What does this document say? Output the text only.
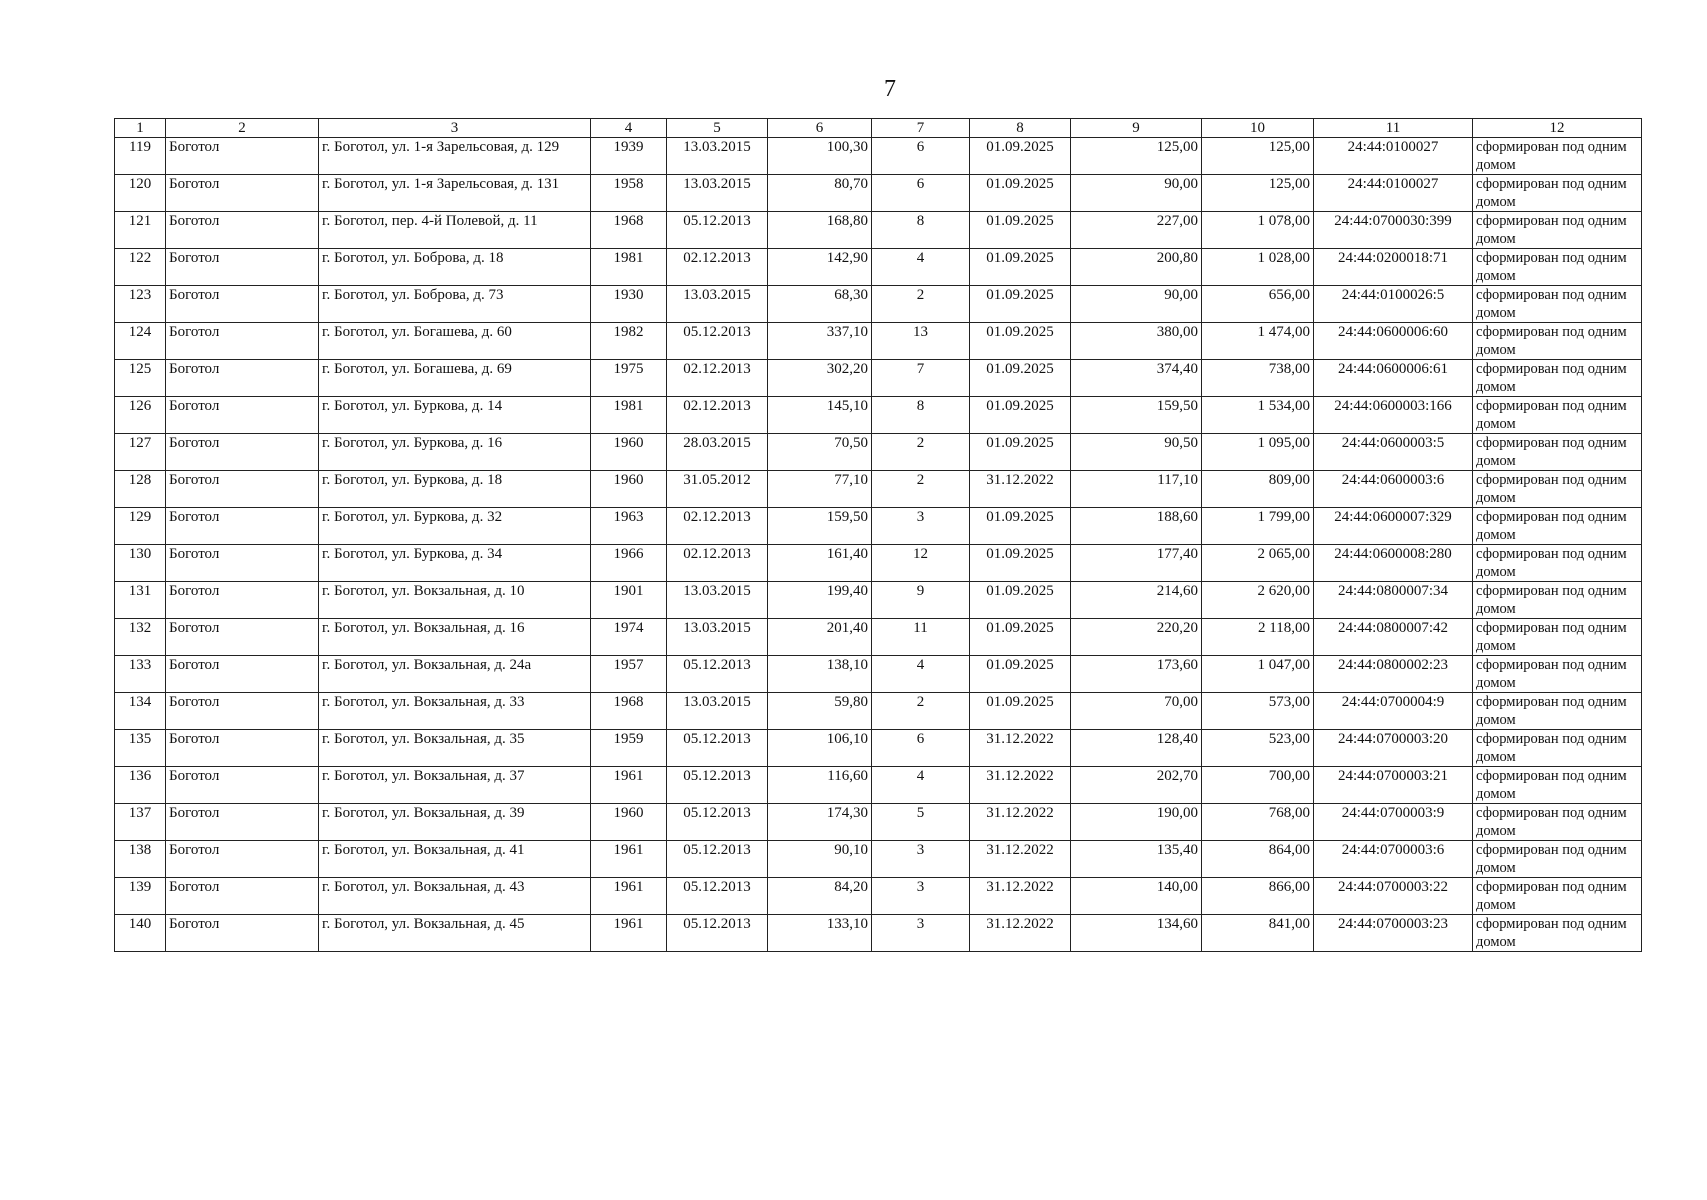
7
1	2	3	4	5	6	7	8	9	10	11	12
119	Боготол	г. Боготол, ул. 1-я Зарельсовая, д. 129	1939	13.03.2015	100,30	6	01.09.2025	125,00	125,00	24:44:0100027	сформирован под одним домом
120	Боготол	г. Боготол, ул. 1-я Зарельсовая, д. 131	1958	13.03.2015	80,70	6	01.09.2025	90,00	125,00	24:44:0100027	сформирован под одним домом
121	Боготол	г. Боготол, пер. 4-й Полевой, д. 11	1968	05.12.2013	168,80	8	01.09.2025	227,00	1 078,00	24:44:0700030:399	сформирован под одним домом
122	Боготол	г. Боготол, ул. Боброва, д. 18	1981	02.12.2013	142,90	4	01.09.2025	200,80	1 028,00	24:44:0200018:71	сформирован под одним домом
123	Боготол	г. Боготол, ул. Боброва, д. 73	1930	13.03.2015	68,30	2	01.09.2025	90,00	656,00	24:44:0100026:5	сформирован под одним домом
124	Боготол	г. Боготол, ул. Богашева, д. 60	1982	05.12.2013	337,10	13	01.09.2025	380,00	1 474,00	24:44:0600006:60	сформирован под одним домом
125	Боготол	г. Боготол, ул. Богашева, д. 69	1975	02.12.2013	302,20	7	01.09.2025	374,40	738,00	24:44:0600006:61	сформирован под одним домом
126	Боготол	г. Боготол, ул. Буркова, д. 14	1981	02.12.2013	145,10	8	01.09.2025	159,50	1 534,00	24:44:0600003:166	сформирован под одним домом
127	Боготол	г. Боготол, ул. Буркова, д. 16	1960	28.03.2015	70,50	2	01.09.2025	90,50	1 095,00	24:44:0600003:5	сформирован под одним домом
128	Боготол	г. Боготол, ул. Буркова, д. 18	1960	31.05.2012	77,10	2	31.12.2022	117,10	809,00	24:44:0600003:6	сформирован под одним домом
129	Боготол	г. Боготол, ул. Буркова, д. 32	1963	02.12.2013	159,50	3	01.09.2025	188,60	1 799,00	24:44:0600007:329	сформирован под одним домом
130	Боготол	г. Боготол, ул. Буркова, д. 34	1966	02.12.2013	161,40	12	01.09.2025	177,40	2 065,00	24:44:0600008:280	сформирован под одним домом
131	Боготол	г. Боготол, ул. Вокзальная, д. 10	1901	13.03.2015	199,40	9	01.09.2025	214,60	2 620,00	24:44:0800007:34	сформирован под одним домом
132	Боготол	г. Боготол, ул. Вокзальная, д. 16	1974	13.03.2015	201,40	11	01.09.2025	220,20	2 118,00	24:44:0800007:42	сформирован под одним домом
133	Боготол	г. Боготол, ул. Вокзальная, д. 24а	1957	05.12.2013	138,10	4	01.09.2025	173,60	1 047,00	24:44:0800002:23	сформирован под одним домом
134	Боготол	г. Боготол, ул. Вокзальная, д. 33	1968	13.03.2015	59,80	2	01.09.2025	70,00	573,00	24:44:0700004:9	сформирован под одним домом
135	Боготол	г. Боготол, ул. Вокзальная, д. 35	1959	05.12.2013	106,10	6	31.12.2022	128,40	523,00	24:44:0700003:20	сформирован под одним домом
136	Боготол	г. Боготол, ул. Вокзальная, д. 37	1961	05.12.2013	116,60	4	31.12.2022	202,70	700,00	24:44:0700003:21	сформирован под одним домом
137	Боготол	г. Боготол, ул. Вокзальная, д. 39	1960	05.12.2013	174,30	5	31.12.2022	190,00	768,00	24:44:0700003:9	сформирован под одним домом
138	Боготол	г. Боготол, ул. Вокзальная, д. 41	1961	05.12.2013	90,10	3	31.12.2022	135,40	864,00	24:44:0700003:6	сформирован под одним домом
139	Боготол	г. Боготол, ул. Вокзальная, д. 43	1961	05.12.2013	84,20	3	31.12.2022	140,00	866,00	24:44:0700003:22	сформирован под одним домом
140	Боготол	г. Боготол, ул. Вокзальная, д. 45	1961	05.12.2013	133,10	3	31.12.2022	134,60	841,00	24:44:0700003:23	сформирован под одним домом
